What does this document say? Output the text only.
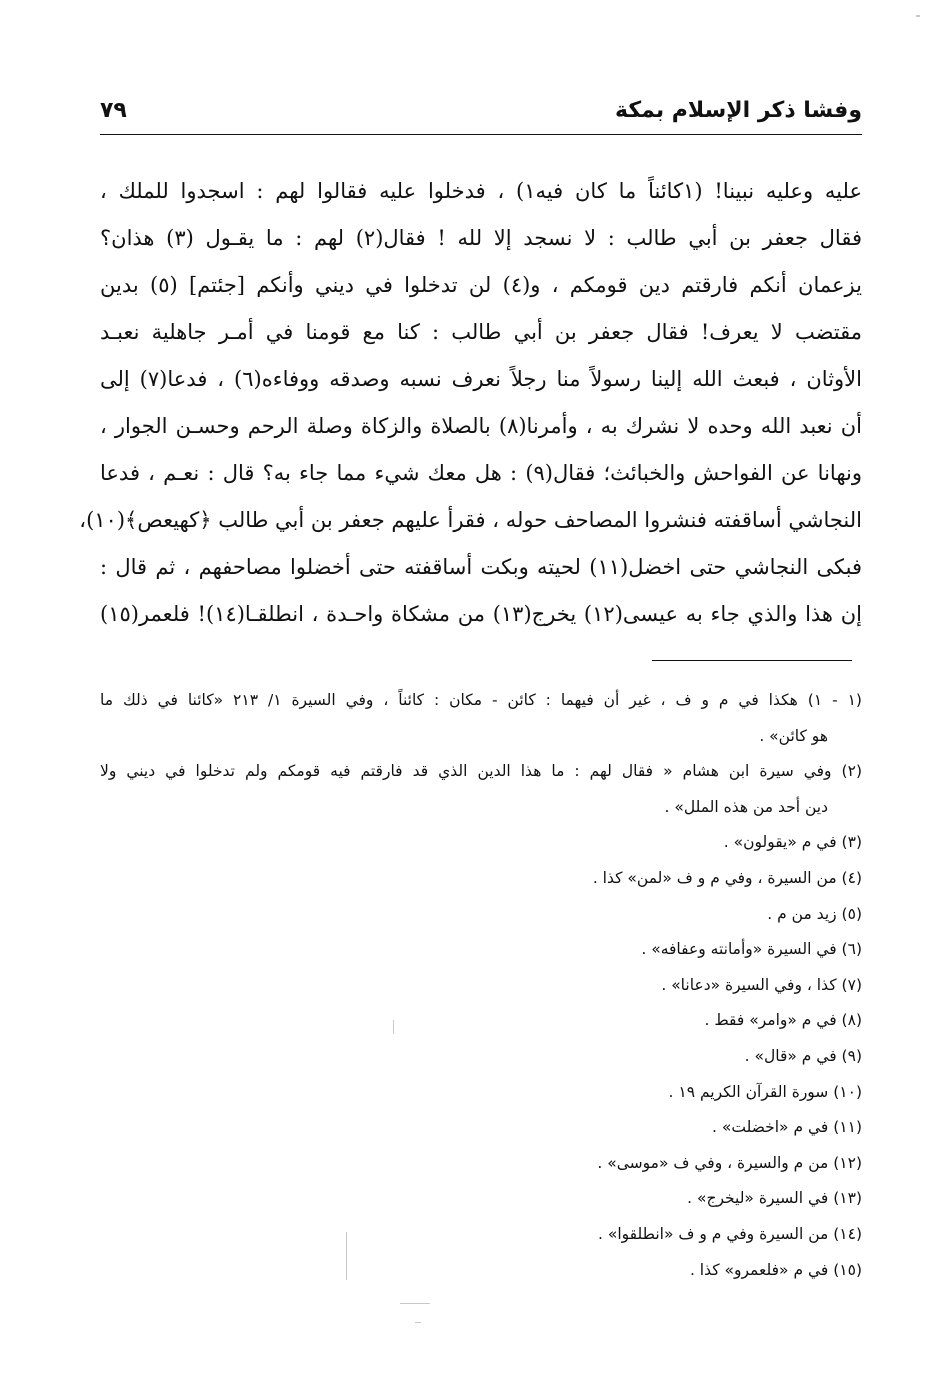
وفشا ذكر الإسلام بمكة
٧٩
عليه وعليه نبينا! (١كائناً ما كان فيه١) ، فدخلوا عليه فقالوا لهم : اسجدوا للملك ،
فقال جعفر بن أبي طالب : لا نسجد إلا لله ! فقال(٢) لهم : ما يقـول (٣) هذان؟
يزعمان أنكم فارقتم دين قومكم ، و(٤) لن تدخلوا في ديني وأنكم [جئتم] (٥) بدين
مقتضب لا يعرف! فقال جعفر بن أبي طالب : كنا مع قومنا في أمـر جاهلية نعبـد
الأوثان ، فبعث الله إلينا رسولاً منا رجلاً نعرف نسبه وصدقه ووفاءه(٦) ، فدعا(٧) إلى
أن نعبد الله وحده لا نشرك به ، وأمرنا(٨) بالصلاة والزكاة وصلة الرحم وحسـن الجوار ،
ونهانا عن الفواحش والخبائث؛ فقال(٩) : هل معك شيء مما جاء به؟ قال : نعـم ، فدعا
النجاشي أساقفته فنشروا المصاحف حوله ، فقرأ عليهم جعفر بن أبي طالب ﴿كهيعص﴾(١٠)،
فبكى النجاشي حتى اخضل(١١) لحيته وبكت أساقفته حتى أخضلوا مصاحفهم ، ثم قال :
إن هذا والذي جاء به عيسى(١٢) يخرج(١٣) من مشكاة واحـدة ، انطلقـا(١٤)! فلعمر(١٥)
(١ - ١) هكذا في م و ف ، غير أن فيهما : كائن - مكان : كائناً ، وفي السيرة ١/ ٢١٣ «كائنا في ذلك ما
هو كائن» .
(٢) وفي سيرة ابن هشام « فقال لهم : ما هذا الدين الذي قد فارقتم فيه قومكم ولم تدخلوا في ديني ولا
دين أحد من هذه الملل» .
(٣) في م «يقولون» .
(٤) من السيرة ، وفي م و ف «لمن» كذا .
(٥) زيد من م .
(٦) في السيرة «وأمانته وعفافه» .
(٧) كذا ، وفي السيرة «دعانا» .
(٨) في م «وامر» فقط .
(٩) في م «قال» .
(١٠) سورة القرآن الكريم ١٩ .
(١١) في م «اخضلت» .
(١٢) من م والسيرة ، وفي ف «موسى» .
(١٣) في السيرة «ليخرج» .
(١٤) من السيرة وفي م و ف «انطلقوا» .
(١٥) في م «فلعمرو» كذا .
